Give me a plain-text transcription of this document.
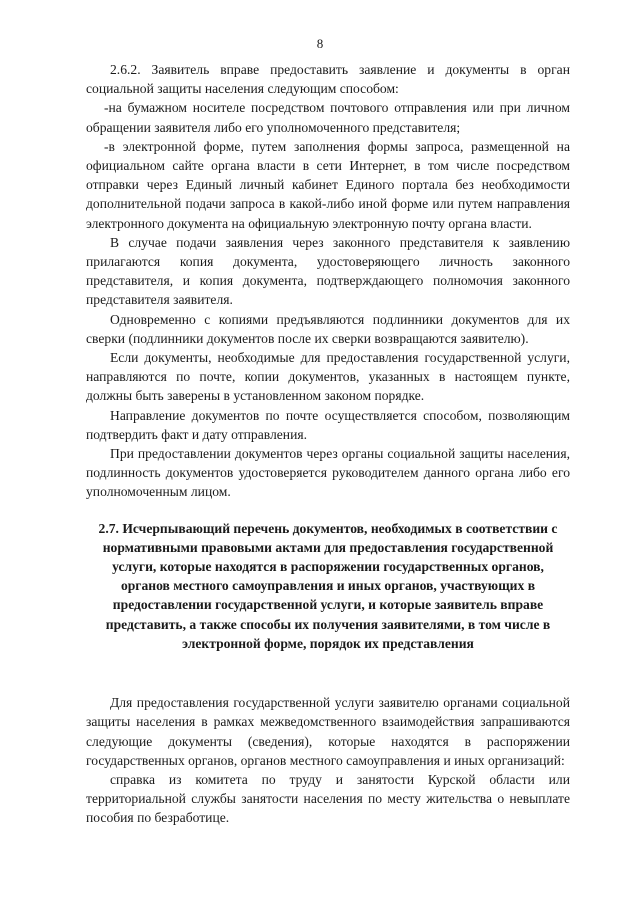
8

2.6.2. Заявитель вправе предоставить заявление и документы в орган социальной защиты населения следующим способом:

-на бумажном носителе посредством почтового отправления или при личном обращении заявителя либо его уполномоченного представителя;

-в электронной форме, путем заполнения формы запроса, размещенной на официальном сайте органа власти в сети Интернет, в том числе посредством отправки через Единый личный кабинет Единого портала без необходимости дополнительной подачи запроса в какой-либо иной форме или путем направления электронного документа на официальную электронную почту органа власти.

В случае подачи заявления через законного представителя к заявлению прилагаются копия документа, удостоверяющего личность законного представителя, и копия документа, подтверждающего полномочия законного представителя заявителя.

Одновременно с копиями предъявляются подлинники документов для их сверки (подлинники документов после их сверки возвращаются заявителю).

Если документы, необходимые для предоставления государственной услуги, направляются по почте, копии документов, указанных в настоящем пункте, должны быть заверены в установленном законом порядке.

Направление документов по почте осуществляется способом, позволяющим подтвердить факт и дату отправления.

При предоставлении документов через органы социальной защиты населения, подлинность документов удостоверяется руководителем данного органа либо его уполномоченным лицом.

2.7. Исчерпывающий перечень документов, необходимых в соответствии с нормативными правовыми актами для предоставления государственной услуги, которые находятся в распоряжении государственных органов, органов местного самоуправления и иных органов, участвующих в предоставлении государственной услуги, и которые заявитель вправе представить, а также способы их получения заявителями, в том числе в электронной форме, порядок их представления

Для предоставления государственной услуги заявителю органами социальной защиты населения в рамках межведомственного взаимодействия запрашиваются следующие документы (сведения), которые находятся в распоряжении государственных органов, органов местного самоуправления и иных организаций:

справка из комитета по труду и занятости Курской области или территориальной службы занятости населения по месту жительства о невыплате пособия по безработице.
